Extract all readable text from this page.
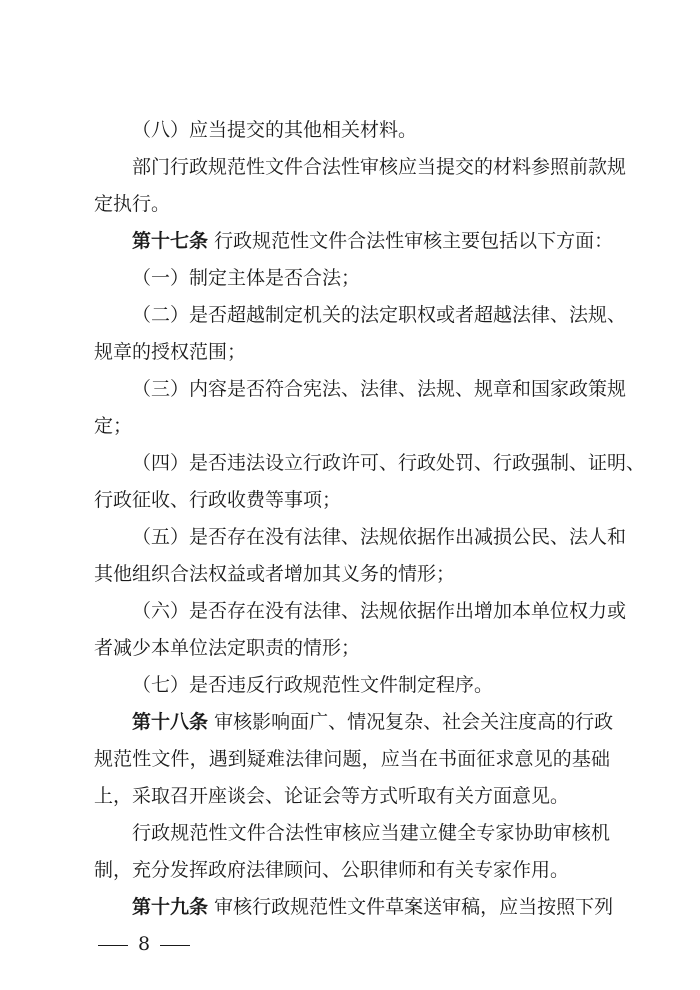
（八）应当提交的其他相关材料。
部门行政规范性文件合法性审核应当提交的材料参照前款规
定执行。
第十七条 行政规范性文件合法性审核主要包括以下方面：
（一）制定主体是否合法；
（二）是否超越制定机关的法定职权或者超越法律、法规、
规章的授权范围；
（三）内容是否符合宪法、法律、法规、规章和国家政策规
定；
（四）是否违法设立行政许可、行政处罚、行政强制、证明、
行政征收、行政收费等事项；
（五）是否存在没有法律、法规依据作出减损公民、法人和
其他组织合法权益或者增加其义务的情形；
（六）是否存在没有法律、法规依据作出增加本单位权力或
者减少本单位法定职责的情形；
（七）是否违反行政规范性文件制定程序。
第十八条 审核影响面广、情况复杂、社会关注度高的行政
规范性文件，遇到疑难法律问题，应当在书面征求意见的基础
上，采取召开座谈会、论证会等方式听取有关方面意见。
行政规范性文件合法性审核应当建立健全专家协助审核机
制，充分发挥政府法律顾问、公职律师和有关专家作用。
第十九条 审核行政规范性文件草案送审稿，应当按照下列
8
